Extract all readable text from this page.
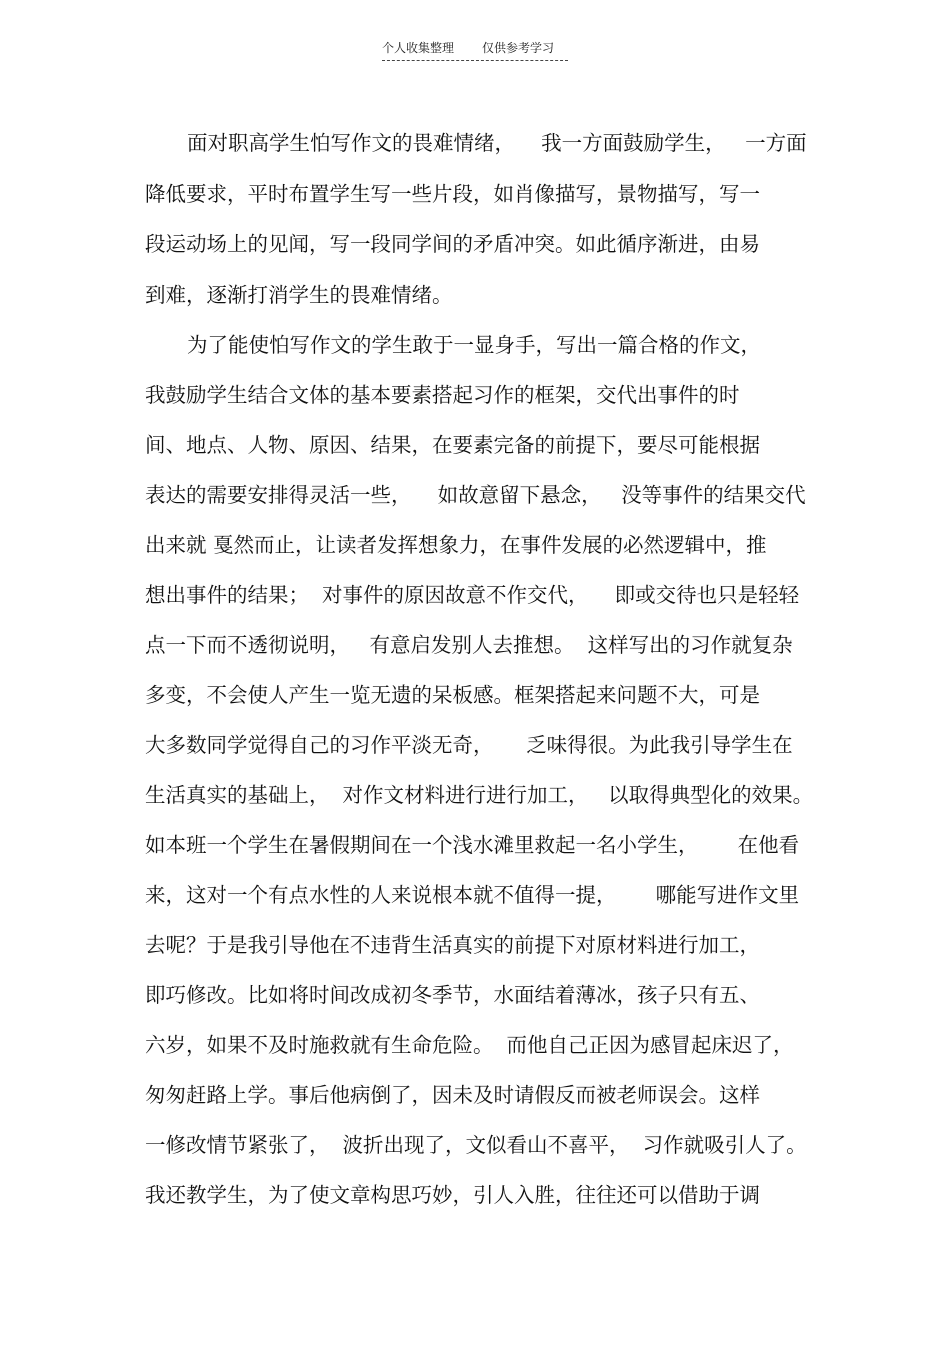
个人收集整理 仅供参考学习
面对职高学生怕写作文的畏难情绪，    我一方面鼓励学生，   一方面
降低要求，平时布置学生写一些片段，如肖像描写，景物描写，写一
段运动场上的见闻，写一段同学间的矛盾冲突。如此循序渐进，由易
到难，逐渐打消学生的畏难情绪。
为了能使怕写作文的学生敢于一显身手，写出一篇合格的作文，
我鼓励学生结合文体的基本要素搭起习作的框架，交代出事件的时
间、地点、人物、原因、结果，在要素完备的前提下，要尽可能根据
表达的需要安排得灵活一些，    如故意留下悬念，   没等事件的结果交代
出来就 戛然而止，让读者发挥想象力，在事件发展的必然逻辑中，推
想出事件的结果；  对事件的原因故意不作交代，    即或交待也只是轻轻
点一下而不透彻说明，   有意启发别人去推想。  这样写出的习作就复杂
多变，不会使人产生一览无遗的呆板感。框架搭起来问题不大，可是
大多数同学觉得自己的习作平淡无奇，     乏味得很。为此我引导学生在
生活真实的基础上，  对作文材料进行进行加工，   以取得典型化的效果。
如本班一个学生在暑假期间在一个浅水滩里救起一名小学生，      在他看
来，这对一个有点水性的人来说根本就不值得一提，      哪能写进作文里
去呢？于是我引导他在不违背生活真实的前提下对原材料进行加工，
即巧修改。比如将时间改成初冬季节，水面结着薄冰，孩子只有五、
六岁，如果不及时施救就有生命危险。  而他自己正因为感冒起床迟了，
匆匆赶路上学。事后他病倒了，因未及时请假反而被老师误会。这样
一修改情节紧张了，  波折出现了，文似看山不喜平，  习作就吸引人了。
我还教学生，为了使文章构思巧妙，引人入胜，往往还可以借助于调
